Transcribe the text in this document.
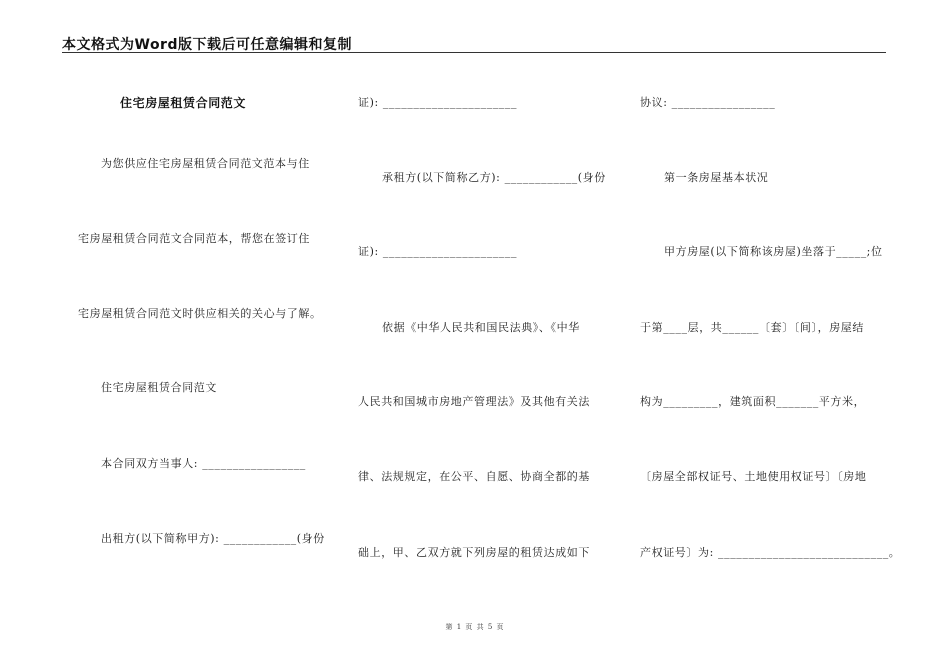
本文格式为Word版下载后可任意编辑和复制
住宅房屋租赁合同范文
为您供应住宅房屋租赁合同范文范本与住
宅房屋租赁合同范文合同范本，帮您在签订住
宅房屋租赁合同范文时供应相关的关心与了解。
住宅房屋租赁合同范文
本合同双方当事人: _________________
出租方(以下简称甲方): ____________(身份
证): ______________________
承租方(以下简称乙方): ____________(身份
证): ______________________
依据《中华人民共和国民法典》、《中华
人民共和国城市房地产管理法》及其他有关法
律、法规规定，在公平、自愿、协商全都的基
础上，甲、乙双方就下列房屋的租赁达成如下
协议: _________________
第一条房屋基本状况
甲方房屋(以下简称该房屋)坐落于_____;位
于第____层，共______〔套〕〔间〕，房屋结
构为_________，建筑面积_______平方米，
〔房屋全部权证号、土地使用权证号〕〔房地
产权证号〕为: ____________________________。
第 1 页 共 5 页
